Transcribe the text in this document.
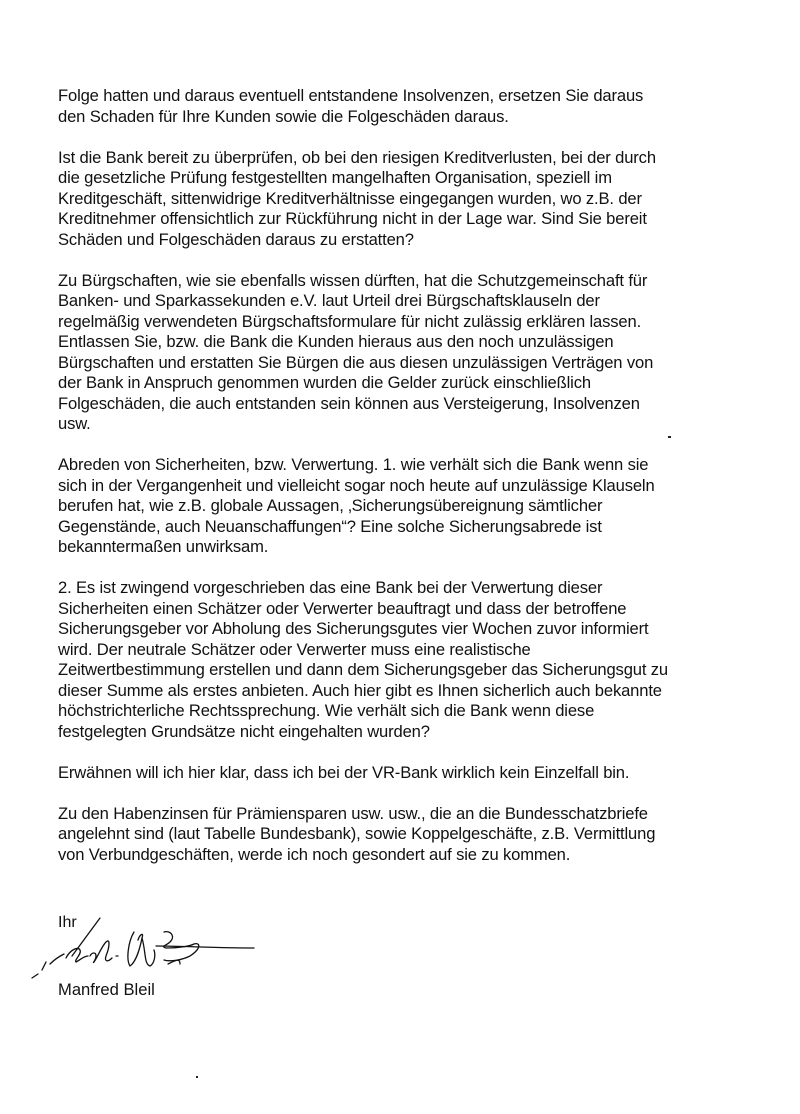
Folge hatten und daraus eventuell entstandene Insolvenzen, ersetzen Sie daraus
den Schaden für Ihre Kunden sowie die Folgeschäden daraus.
Ist die Bank bereit zu überprüfen, ob bei den riesigen Kreditverlusten, bei der durch
die gesetzliche Prüfung festgestellten mangelhaften Organisation, speziell im
Kreditgeschäft, sittenwidrige Kreditverhältnisse eingegangen wurden, wo z.B. der
Kreditnehmer offensichtlich zur Rückführung nicht in der Lage war. Sind Sie bereit
Schäden und Folgeschäden daraus zu erstatten?
Zu Bürgschaften, wie sie ebenfalls wissen dürften, hat die Schutzgemeinschaft für
Banken- und Sparkassekunden e.V. laut Urteil drei Bürgschaftsklauseln der
regelmäßig verwendeten Bürgschaftsformulare für nicht zulässig erklären lassen.
Entlassen Sie, bzw. die Bank die Kunden hieraus aus den noch unzulässigen
Bürgschaften und erstatten Sie Bürgen die aus diesen unzulässigen Verträgen von
der Bank in Anspruch genommen wurden die Gelder zurück einschließlich
Folgeschäden, die auch entstanden sein können aus Versteigerung, Insolvenzen
usw.
Abreden von Sicherheiten, bzw. Verwertung. 1. wie verhält sich die Bank wenn sie
sich in der Vergangenheit und vielleicht sogar noch heute auf unzulässige Klauseln
berufen hat, wie z.B. globale Aussagen, ‚Sicherungsübereignung sämtlicher
Gegenstände, auch Neuanschaffungen“? Eine solche Sicherungsabrede ist
bekanntermaßen unwirksam.
2. Es ist zwingend vorgeschrieben das eine Bank bei der Verwertung dieser
Sicherheiten einen Schätzer oder Verwerter beauftragt und dass der betroffene
Sicherungsgeber vor Abholung des Sicherungsgutes vier Wochen zuvor informiert
wird. Der neutrale Schätzer oder Verwerter muss eine realistische
Zeitwertbestimmung erstellen und dann dem Sicherungsgeber das Sicherungsgut zu
dieser Summe als erstes anbieten. Auch hier gibt es Ihnen sicherlich auch bekannte
höchstrichterliche Rechtssprechung. Wie verhält sich die Bank wenn diese
festgelegten Grundsätze nicht eingehalten wurden?
Erwähnen will ich hier klar, dass ich bei der VR-Bank wirklich kein Einzelfall bin.
Zu den Habenzinsen für Prämiensparen usw. usw., die an die Bundesschatzbriefe
angelehnt sind (laut Tabelle Bundesbank), sowie Koppelgeschäfte, z.B. Vermittlung
von Verbundgeschäften, werde ich noch gesondert auf sie zu kommen.
Ihr
Manfred Bleil
